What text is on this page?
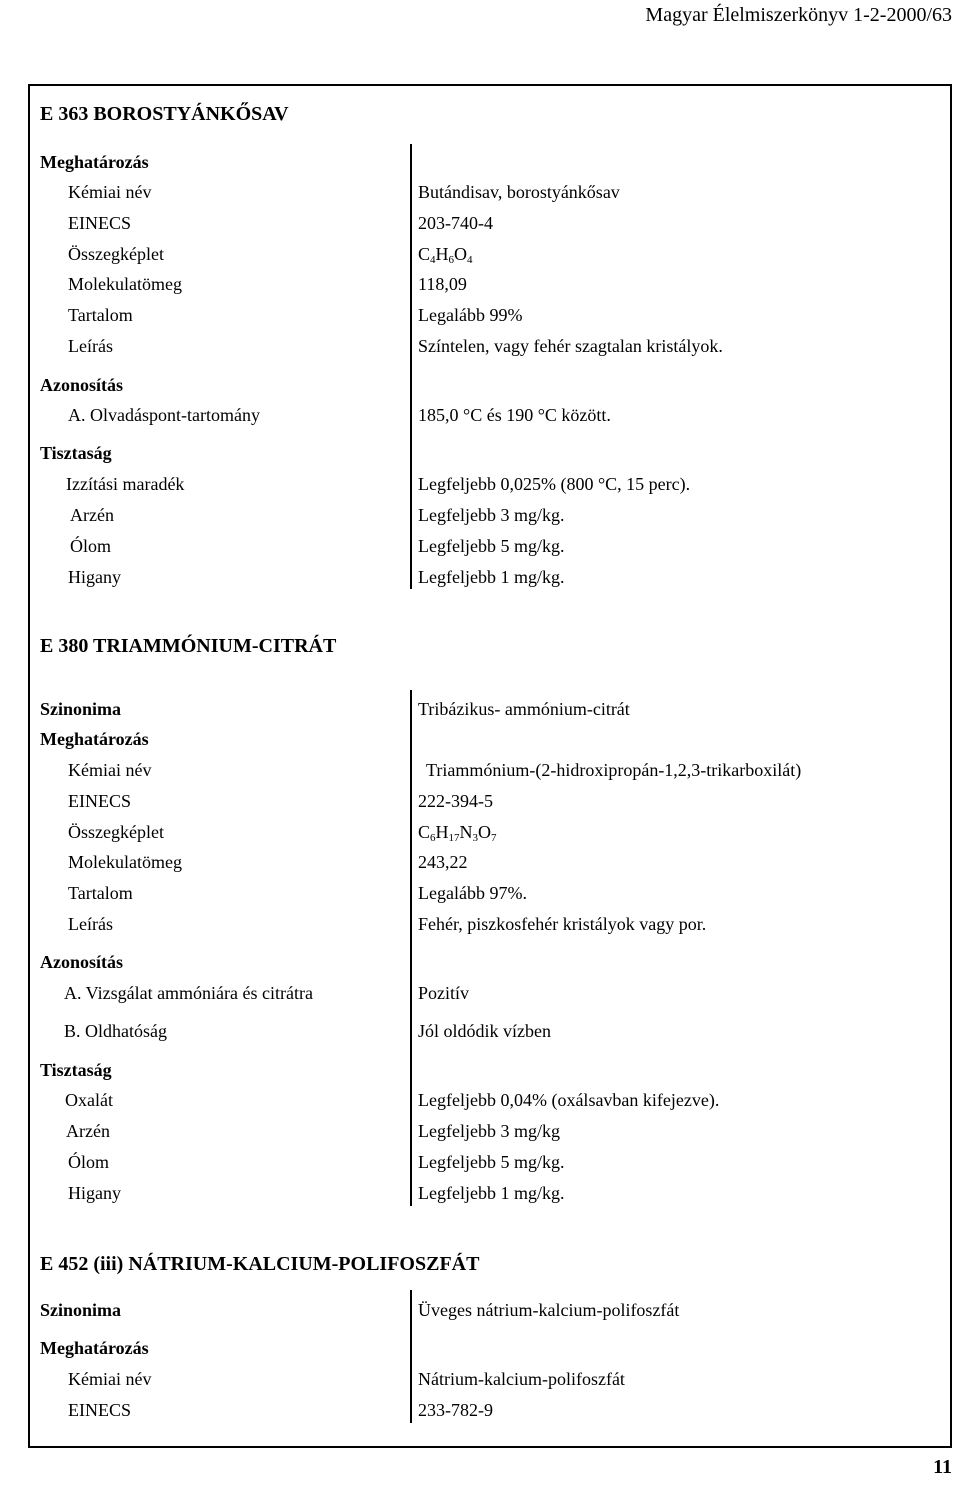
Magyar Élelmiszerkönyv 1-2-2000/63
E 363 BOROSTYÁNKŐSAV
Meghatározás
Kémiai név	Butándisav, borostyánkősav
EINECS	203-740-4
Összegképlet	$C_4H_6O_4$
Molekulatömeg	118,09
Tartalom	Legalább 99%
Leírás	Színtelen, vagy fehér szagtalan kristályok.
Azonosítás
A. Olvadáspont-tartomány	185,0 °C és 190 °C között.
Tisztaság
Izzítási maradék	Legfeljebb 0,025% (800 °C, 15 perc).
Arzén	Legfeljebb 3 mg/kg.
Ólom	Legfeljebb 5 mg/kg.
Higany	Legfeljebb 1 mg/kg.
E 380 TRIAMMÓNIUM-CITRÁT
Szinonima	Tribázikus- ammónium-citrát
Meghatározás
Kémiai név	Triammónium-(2-hidroxipropán-1,2,3-trikarboxilát)
EINECS	222-394-5
Összegképlet	$C_6H_{17}N_3O_7$
Molekulatömeg	243,22
Tartalom	Legalább 97%.
Leírás	Fehér, piszkosfehér kristályok vagy por.
Azonosítás
A. Vizsgálat ammóniára és citrátra	Pozitív
B. Oldhatóság	Jól oldódik vízben
Tisztaság
Oxalát	Legfeljebb 0,04% (oxálsavban kifejezve).
Arzén	Legfeljebb 3 mg/kg
Ólom	Legfeljebb 5 mg/kg.
Higany	Legfeljebb 1 mg/kg.
E 452 (iii) NÁTRIUM-KALCIUM-POLIFOSZFÁT
Szinonima	Üveges nátrium-kalcium-polifoszfát
Meghatározás
Kémiai név	Nátrium-kalcium-polifoszfát
EINECS	233-782-9
11
